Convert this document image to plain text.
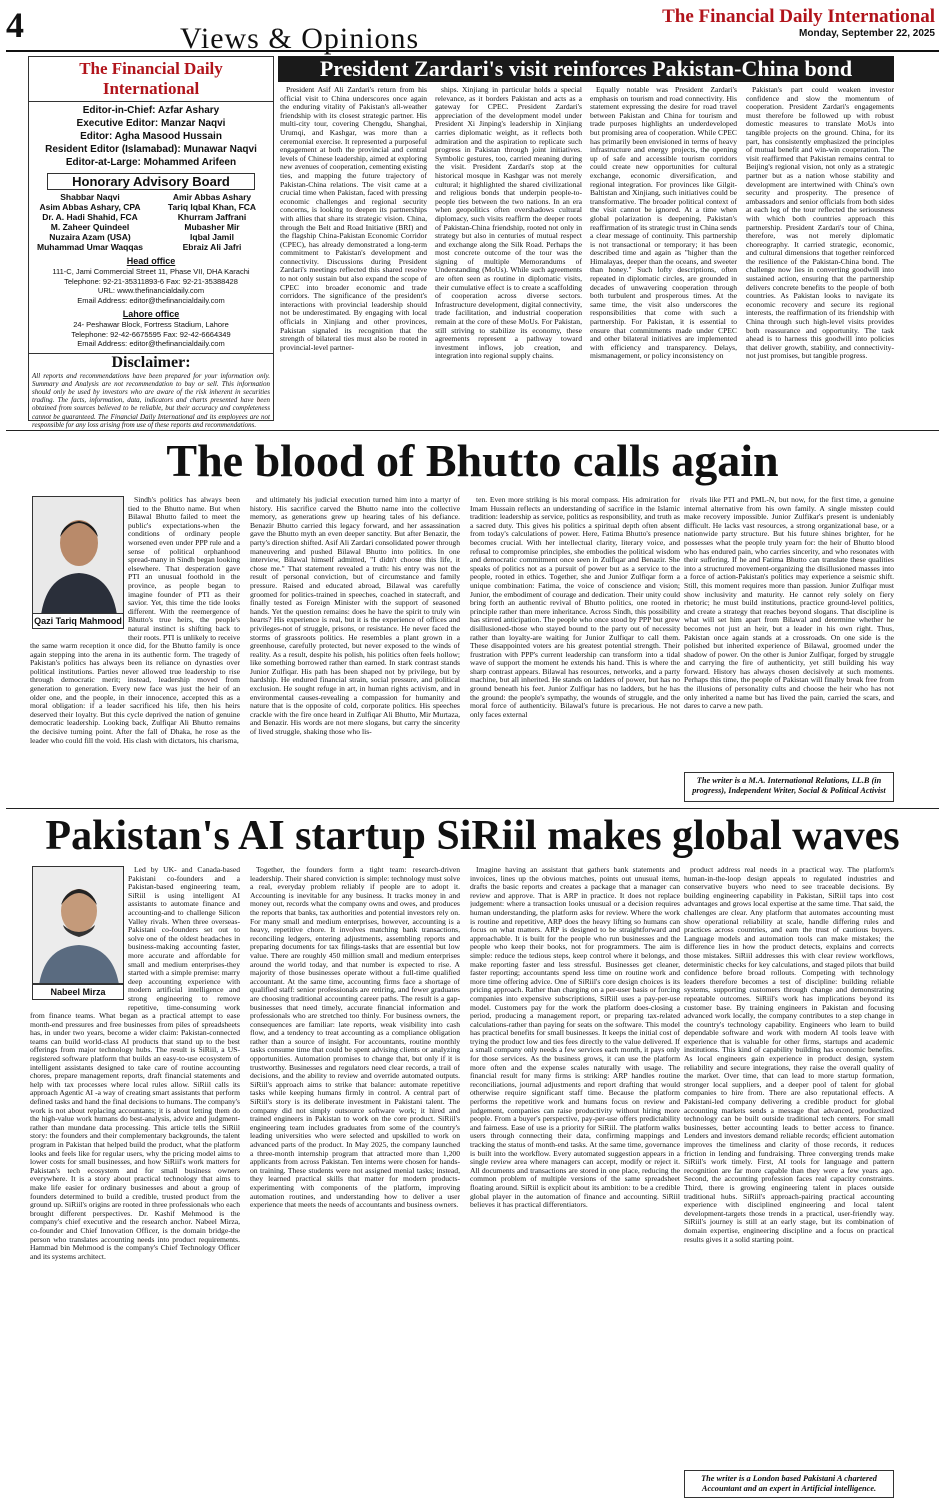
4	Views & Opinions
The Financial Daily International
Monday, September 22, 2025
The Financial Daily International
Editor-in-Chief: Azfar Ashary
Executive Editor: Manzar Naqvi
Editor: Agha Masood Hussain
Resident Editor (Islamabad): Munawar Naqvi
Editor-at-Large: Mohammed Arifeen
Honorary Advisory Board
Shabbar Naqvi
Asim Abbas Ashary, CPA
Dr. A. Hadi Shahid, FCA
M. Zaheer Quindeel
Nuzaira Azam (USA)
Muhammad Umar Waqqas
Amir Abbas Ashary
Tariq Iqbal Khan, FCA
Khurram Jaffrani
Mubasher Mir
Iqbal Jamil
Ebraiz Ali Jafri
Head office
111-C, Jami Commercial Street 11, Phase VII, DHA Karachi
Telephone: 92-21-35311893-6 Fax: 92-21-35388428
URL: www.thefinancialdaily.com
Email Address: editor@thefinancialdaily.com
Lahore office
24- Peshawar Block, Fortress Stadium, Lahore
Telephone: 92-42-6675595 Fax: 92-42-6664349
Email Address: editor@thefinancialdaily.com
Disclaimer:
All reports and recommendations have been prepared for your information only. Summary and Analysis are not recommendation to buy or sell. This information should only be used by investors who are aware of the risk inherent in securities trading. The facts, information, data, indicators and charts presented have been obtained from sources believed to be reliable, but their accuracy and completeness cannot be guaranteed. The Financial Daily International and its employees are not responsible for any loss arising from use of these reports and recommendations.
President Zardari's visit reinforces Pakistan-China bond

President Asif Ali Zardari's return from his official visit to China underscores once again the enduring vitality of Pakistan's all-weather friendship with its closest strategic partner. His multi-city tour, covering Chengdu, Shanghai, Urumqi, and Kashgar, was more than a ceremonial exercise. It represented a purposeful engagement at both the provincial and central levels of Chinese leadership, aimed at exploring new avenues of cooperation, cementing existing ties, and mapping the future trajectory of Pakistan-China relations. The visit came at a crucial time when Pakistan, faced with pressing economic challenges and regional security concerns, is looking to deepen its partnerships with allies that share its strategic vision. China, through the Belt and Road Initiative (BRI) and the flagship China-Pakistan Economic Corridor (CPEC), has already demonstrated a long-term commitment to Pakistan's development and connectivity. Discussions during President Zardari's meetings reflected this shared resolve to not only sustain but also expand the scope of CPEC into broader economic and trade corridors. The significance of the president's interactions with provincial leadership should not be underestimated. By engaging with local officials in Xinjiang and other provinces, Pakistan signaled its recognition that the strength of bilateral ties must also be rooted in provincial-level partner-

ships. Xinjiang in particular holds a special relevance, as it borders Pakistan and acts as a gateway for CPEC. President Zardari's appreciation of the development model under President Xi Jinping's leadership in Xinjiang carries diplomatic weight, as it reflects both admiration and the aspiration to replicate such progress in Pakistan through joint initiatives. Symbolic gestures, too, carried meaning during the visit. President Zardari's stop at the historical mosque in Kashgar was not merely cultural; it highlighted the shared civilizational and religious bonds that underpin people-to-people ties between the two nations. In an era when geopolitics often overshadows cultural diplomacy, such visits reaffirm the deeper roots of Pakistan-China friendship, rooted not only in strategy but also in centuries of mutual respect and exchange along the Silk Road. Perhaps the most concrete outcome of the tour was the signing of multiple Memorandums of Understanding (MoUs). While such agreements are often seen as routine in diplomatic visits, their cumulative effect is to create a scaffolding of cooperation across diverse sectors. Infrastructure development, digital connectivity, trade facilitation, and industrial cooperation remain at the core of these MoUs. For Pakistan, still striving to stabilize its economy, these agreements represent a pathway toward investment inflows, job creation, and integration into regional supply chains.

Equally notable was President Zardari's emphasis on tourism and road connectivity. His statement expressing the desire for road travel between Pakistan and China for tourism and trade purposes highlights an underdeveloped but promising area of cooperation. While CPEC has primarily been envisioned in terms of heavy infrastructure and energy projects, the opening up of safe and accessible tourism corridors could create new opportunities for cultural exchange, economic diversification, and regional integration. For provinces like Gilgit-Baltistan and Xinjiang, such initiatives could be transformative. The broader political context of the visit cannot be ignored. At a time when global polarization is deepening, Pakistan's reaffirmation of its strategic trust in China sends a clear message of continuity. This partnership is not transactional or temporary; it has been described time and again as "higher than the Himalayas, deeper than the oceans, and sweeter than honey." Such lofty descriptions, often repeated in diplomatic circles, are grounded in decades of unwavering cooperation through both turbulent and prosperous times. At the same time, the visit also underscores the responsibilities that come with such a partnership. For Pakistan, it is essential to ensure that commitments made under CPEC and other bilateral initiatives are implemented with efficiency and transparency. Delays, mismanagement, or policy inconsistency on

Pakistan's part could weaken investor confidence and slow the momentum of cooperation. President Zardari's engagements must therefore be followed up with robust domestic measures to translate MoUs into tangible projects on the ground. China, for its part, has consistently emphasized the principles of mutual benefit and win-win cooperation. The visit reaffirmed that Pakistan remains central to Beijing's regional vision, not only as a strategic partner but as a nation whose stability and development are intertwined with China's own security and prosperity. The presence of ambassadors and senior officials from both sides at each leg of the tour reflected the seriousness with which both countries approach this partnership. President Zardari's tour of China, therefore, was not merely diplomatic choreography. It carried strategic, economic, and cultural dimensions that together reinforced the resilience of the Pakistan-China bond. The challenge now lies in converting goodwill into sustained action, ensuring that the partnership delivers concrete benefits to the people of both countries. As Pakistan looks to navigate its economic recovery and secure its regional interests, the reaffirmation of its friendship with China through such high-level visits provides both reassurance and opportunity. The task ahead is to harness this goodwill into policies that deliver growth, stability, and connectivity-not just promises, but tangible progress.

The blood of Bhutto calls again
Qazi Tariq Mahmood

Sindh's politics has always been tied to the Bhutto name. But when Bilawal Bhutto failed to meet the public's expectations-when the conditions of ordinary people worsened even under PPP rule and a sense of political orphanhood spread-many in Sindh began looking elsewhere. That desperation gave PTI an unusual foothold in the province, as people began to imagine founder of PTI as their savior. Yet, this time the tide looks different. With the reemergence of Bhutto's true heirs, the people's natural instinct is shifting back to their roots. PTI is unlikely to receive the same warm reception it once did, for the Bhutto family is once again stepping into the arena in its authentic form. The tragedy of Pakistan's politics has always been its reliance on dynasties over political institutions. Parties never allowed true leadership to rise through democratic merit; instead, leadership moved from generation to generation. Every new face was just the heir of an older one, and the people, in their innocence, accepted this as a moral obligation: if a leader sacrificed his life, then his heirs deserved their loyalty. But this cycle deprived the nation of genuine democratic leadership. Looking back, Zulfiqar Ali Bhutto remains the decisive turning point. After the fall of Dhaka, he rose as the leader who could fill the void. His clash with dictators, his charisma,

and ultimately his judicial execution turned him into a martyr of history. His sacrifice carved the Bhutto name into the collective memory, as generations grew up hearing tales of his defiance. Benazir Bhutto carried this legacy forward, and her assassination gave the Bhutto myth an even deeper sanctity. But after Benazir, the party's direction shifted. Asif Ali Zardari consolidated power through maneuvering and pushed Bilawal Bhutto into politics. In one interview, Bilawal himself admitted, "I didn't choose this life, it chose me." That statement revealed a truth: his entry was not the result of personal conviction, but of circumstance and family pressure. Raised and educated abroad, Bilawal was carefully groomed for politics-trained in speeches, coached in statecraft, and finally tested as Foreign Minister with the support of seasoned hands. Yet the question remains: does he have the spirit to truly win hearts? His experience is real, but it is the experience of offices and privileges-not of struggle, prisons, or resistance. He never faced the storms of grassroots politics. He resembles a plant grown in a greenhouse, carefully protected, but never exposed to the winds of reality. As a result, despite his polish, his politics often feels hollow; like something borrowed rather than earned. In stark contrast stands Junior Zulfiqar. His path has been shaped not by privilege, but by hardship. He endured financial strain, social pressure, and political exclusion. He sought refuge in art, in human rights activism, and in environmental causes-revealing a compassion for humanity and nature that is the opposite of cold, corporate politics. His speeches crackle with the fire once heard in Zulfiqar Ali Bhutto, Mir Murtaza, and Benazir. His words are not mere slogans, but carry the sincerity of lived struggle, shaking those who lis-

ten. Even more striking is his moral compass. His admiration for Imam Hussain reflects an understanding of sacrifice in the Islamic tradition: leadership as service, politics as responsibility, and truth as a sacred duty. This gives his politics a spiritual depth often absent from today's calculations of power. Here, Fatima Bhutto's presence becomes crucial. With her intellectual clarity, literary voice, and refusal to compromise principles, she embodies the political wisdom and democratic commitment once seen in Zulfiqar and Benazir. She speaks of politics not as a pursuit of power but as a service to the people, rooted in ethics. Together, she and Junior Zulfiqar form a unique combination: Fatima, the voice of conscience and vision; Junior, the embodiment of courage and dedication. Their unity could bring forth an authentic revival of Bhutto politics, one rooted in principle rather than mere inheritance. Across Sindh, this possibility has stirred anticipation. The people who once stood by PPP but grew disillusioned-those who stayed bound to the party out of necessity rather than loyalty-are waiting for Junior Zulfiqar to call them. These disappointed voters are his greatest potential strength. Their frustration with PPP's current leadership can transform into a tidal wave of support the moment he extends his hand. This is where the sharp contrast appears. Bilawal has resources, networks, and a party machine, but all inherited. He stands on ladders of power, but has no ground beneath his feet. Junior Zulfiqar has no ladders, but he has the ground: the people's sympathy, the wounds of struggle, and the moral force of authenticity. Bilawal's future is precarious. He not only faces external

rivals like PTI and PML-N, but now, for the first time, a genuine internal alternative from his own family. A single misstep could make recovery impossible. Junior Zulfikar's present is undeniably difficult. He lacks vast resources, a strong organizational base, or a nationwide party structure. But his future shines brighter, for he possesses what the people truly yearn for: the heir of Bhutto blood who has endured pain, who carries sincerity, and who resonates with their suffering. If he and Fatima Bhutto can translate these qualities into a structured movement-organizing the disillusioned masses into a force of action-Pakistan's politics may experience a seismic shift. Still, this moment requires more than passion. Junior Zulfiqar must show inclusivity and maturity. He cannot rely solely on fiery rhetoric; he must build institutions, practice ground-level politics, and create a strategy that reaches beyond slogans. That discipline is what will set him apart from Bilawal and determine whether he becomes not just an heir, but a leader in his own right. Thus, Pakistan once again stands at a crossroads. On one side is the polished but inherited experience of Bilawal, groomed under the shadow of power. On the other is Junior Zulfiqar, forged by struggle and carrying the fire of authenticity, yet still building his way forward. History has always chosen decisively at such moments. Perhaps this time, the people of Pakistan will finally break free from the illusions of personality cults and choose the heir who has not only inherited a name but has lived the pain, carried the scars, and dares to carve a new path.

The writer is a M.A. International Relations, LL.B (in progress), Independent Writer, Social & Political Activist
Pakistan's AI startup SiRiil makes global waves
Nabeel Mirza

Led by UK- and Canada-based Pakistani co-founders and a Pakistan-based engineering team, SiRiil is using intelligent AI assistants to automate finance and accounting-and to challenge Silicon Valley rivals. When three overseas-Pakistani co-founders set out to solve one of the oldest headaches in business-making accounting faster, more accurate and affordable for small and medium enterprises-they started with a simple premise: marry deep accounting experience with modern artificial intelligence and strong engineering to remove repetitive, time-consuming work from finance teams. What began as a practical attempt to ease month-end pressures and free businesses from piles of spreadsheets has, in under two years, become a wider claim: Pakistan-connected teams can build world-class AI products that stand up to the best offerings from major technology hubs. The result is SiRiil, a US-registered software platform that builds an easy-to-use ecosystem of intelligent assistants designed to take care of routine accounting chores, prepare management reports, draft financial statements and help with tax processes where local rules allow. SiRiil calls its approach Agentic AI -a way of creating smart assistants that perform defined tasks and hand the final decisions to humans. The company's work is not about replacing accountants; it is about letting them do the high-value work humans do best-analysis, advice and judgment-rather than mundane data processing. This article tells the SiRiil story: the founders and their complementary backgrounds, the talent program in Pakistan that helped build the product, what the platform looks and feels like for regular users, why the pricing model aims to lower costs for small businesses, and how SiRiil's work matters for Pakistan's tech ecosystem and for small business owners everywhere. It is a story about practical technology that aims to make life easier for ordinary businesses and about a group of founders determined to build a credible, trusted product from the ground up. SiRiil's origins are rooted in three professionals who each brought different perspectives. Dr. Kashif Mehmood is the company's chief executive and the research anchor. Nabeel Mirza, co-founder and Chief Innovation Officer, is the domain bridge-the person who translates accounting needs into product requirements. Hammad bin Mehmood is the company's Chief Technology Officer and its systems architect.

Together, the founders form a tight team: research-driven leadership. Their shared conviction is simple: technology must solve a real, everyday problem reliably if people are to adopt it. Accounting is inevitable for any business. It tracks money in and money out, records what the company owns and owes, and produces the reports that banks, tax authorities and potential investors rely on. For many small and medium enterprises, however, accounting is a heavy, repetitive chore. It involves matching bank transactions, reconciling ledgers, entering adjustments, assembling reports and preparing documents for tax filings-tasks that are essential but low value. There are roughly 450 million small and medium enterprises around the world today, and that number is expected to rise. A majority of those businesses operate without a full-time qualified accountant. At the same time, accounting firms face a shortage of qualified staff: senior professionals are retiring, and fewer graduates are choosing traditional accounting career paths. The result is a gap-businesses that need timely, accurate financial information and professionals who are stretched too thinly. For business owners, the consequences are familiar: late reports, weak visibility into cash flow, and a tendency to treat accounting as a compliance obligation rather than a source of insight. For accountants, routine monthly tasks consume time that could be spent advising clients or analyzing opportunities. Automation promises to change that, but only if it is trustworthy. Businesses and regulators need clear records, a trail of decisions, and the ability to review and override automated outputs. SiRiil's approach aims to strike that balance: automate repetitive tasks while keeping humans firmly in control. A central part of SiRiil's story is its deliberate investment in Pakistani talent. The company did not simply outsource software work; it hired and trained engineers in Pakistan to work on the core product. SiRiil's engineering team includes graduates from some of the country's leading universities who were selected and upskilled to work on advanced parts of the product. In May 2025, the company launched a three-month internship program that attracted more than 1,200 applicants from across Pakistan. Ten interns were chosen for hands-on training. These students were not assigned menial tasks; instead, they learned practical skills that matter for modern products-experimenting with components of the platform, improving automation routines, and understanding how to deliver a user experience that meets the needs of accountants and business owners.

Imagine having an assistant that gathers bank statements and invoices, lines up the obvious matches, points out unusual items, drafts the basic reports and creates a package that a manager can review and approve. That is ARP in practice. It does not replace judgement: where a transaction looks unusual or a decision requires human understanding, the platform asks for review. Where the work is routine and repetitive, ARP does the heavy lifting so humans can focus on what matters. ARP is designed to be straightforward and approachable. It is built for the people who run businesses and the people who keep their books, not for programmers. The aim is simple: reduce the tedious steps, keep control where it belongs, and make reporting faster and less stressful. Businesses get cleaner, faster reporting; accountants spend less time on routine work and more time offering advice. One of SiRiil's core design choices is its pricing approach. Rather than charging on a per-user basis or forcing companies into expensive subscriptions, SiRiil uses a pay-per-use model. Customers pay for the work the platform does-closing a period, producing a management report, or preparing tax-related calculations-rather than paying for seats on the software. This model has practical benefits for small businesses. It keeps the initial cost of trying the product low and ties fees directly to the value delivered. If a small company only needs a few services each month, it pays only for those services. As the business grows, it can use the platform more often and the expense scales naturally with usage. The financial result for many firms is striking: ARP handles routine reconciliations, journal adjustments and report drafting that would otherwise require significant staff time. Because the platform performs the repetitive work and humans focus on review and judgement, companies can raise productivity without hiring more people. From a buyer's perspective, pay-per-use offers predictability and fairness. Ease of use is a priority for SiRiil. The platform walks users through connecting their data, confirming mappings and tracking the status of month-end tasks. At the same time, governance is built into the workflow. Every automated suggestion appears in a single review area where managers can accept, modify or reject it. All documents and transactions are stored in one place, reducing the common problem of multiple versions of the same spreadsheet floating around. SiRiil is explicit about its ambition: to be a credible global player in the automation of finance and accounting. SiRiil believes it has practical differentiators.

product address real needs in a practical way. The platform's human-in-the-loop design appeals to regulated industries and conservative buyers who need to see traceable decisions. By building engineering capability in Pakistan, SiRiil taps into cost advantages and grows local expertise at the same time. That said, the challenges are clear. Any platform that automates accounting must show operational reliability at scale, handle differing rules and practices across countries, and earn the trust of cautious buyers. Language models and automation tools can make mistakes; the difference lies in how the product detects, explains and corrects those mistakes. SiRiil addresses this with clear review workflows, deterministic checks for key calculations, and staged pilots that build confidence before broad rollouts. Competing with technology leaders therefore becomes a test of discipline: building reliable systems, supporting customers through change and demonstrating repeatable outcomes. SiRiil's work has implications beyond its customer base. By training engineers in Pakistan and focusing advanced work locally, the company contributes to a step change in the country's technology capability. Engineers who learn to build dependable software and work with modern AI tools leave with experience that is valuable for other firms, startups and academic institutions. This kind of capability building has economic benefits. As local engineers gain experience in product design, system reliability and secure integrations, they raise the overall quality of the market. Over time, that can lead to more startup formation, stronger local suppliers, and a deeper pool of talent for global companies to hire from. There are also reputational effects. A Pakistani-led company delivering a credible product for global accounting markets sends a message that advanced, productized technology can be built outside traditional tech centers. For small businesses, better accounting leads to better access to finance. Lenders and investors demand reliable records; efficient automation improves the timeliness and clarity of those records, it reduces friction in lending and fundraising. Three converging trends make SiRiil's work timely. First, AI tools for language and pattern recognition are far more capable than they were a few years ago. Second, the accounting profession faces real capacity constraints. Third, there is growing engineering talent in places outside traditional hubs. SiRiil's approach-pairing practical accounting experience with disciplined engineering and local talent development-targets those trends in a practical, user-friendly way. SiRiil's journey is still at an early stage, but its combination of domain expertise, engineering discipline and a focus on practical results gives it a solid starting point.

The writer is a London based Pakistani A chartered Accountant and an expert in Artificial intelligence.
